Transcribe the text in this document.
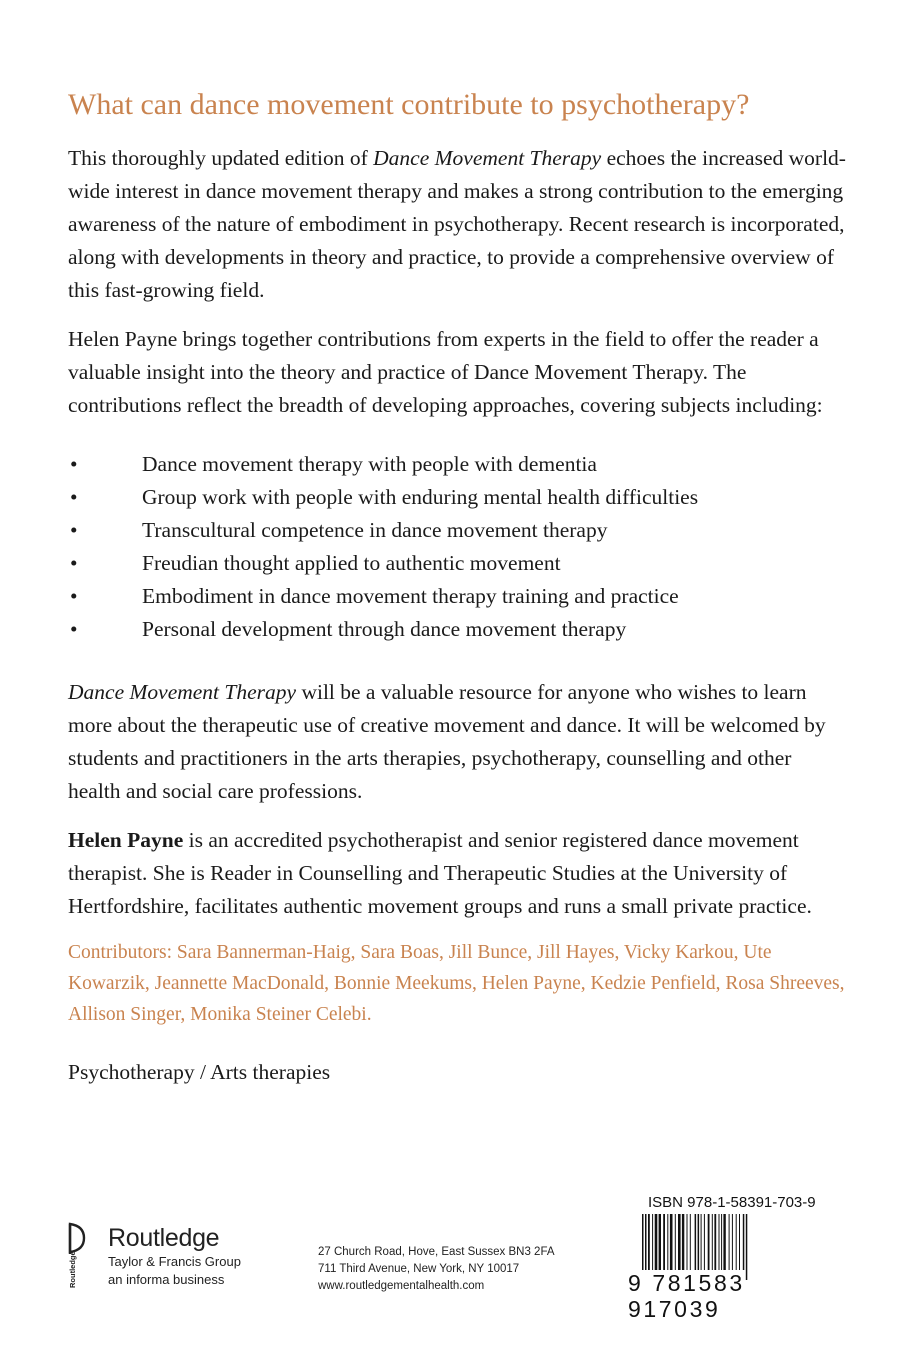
What can dance movement contribute to psychotherapy?

This thoroughly updated edition of Dance Movement Therapy echoes the increased world-wide interest in dance movement therapy and makes a strong contribution to the emerging awareness of the nature of embodiment in psychotherapy. Recent research is incorporated, along with developments in theory and practice, to provide a comprehensive overview of this fast-growing field.

Helen Payne brings together contributions from experts in the field to offer the reader a valuable insight into the theory and practice of Dance Movement Therapy. The contributions reflect the breadth of developing approaches, covering subjects including:

•	Dance movement therapy with people with dementia
•	Group work with people with enduring mental health difficulties
•	Transcultural competence in dance movement therapy
•	Freudian thought applied to authentic movement
•	Embodiment in dance movement therapy training and practice
•	Personal development through dance movement therapy

Dance Movement Therapy will be a valuable resource for anyone who wishes to learn more about the therapeutic use of creative movement and dance. It will be welcomed by students and practitioners in the arts therapies, psychotherapy, counselling and other health and social care professions.

Helen Payne is an accredited psychotherapist and senior registered dance movement therapist. She is Reader in Counselling and Therapeutic Studies at the University of Hertfordshire, facilitates authentic movement groups and runs a small private practice.

Contributors: Sara Bannerman-Haig, Sara Boas, Jill Bunce, Jill Hayes, Vicky Karkou, Ute Kowarzik, Jeannette MacDonald, Bonnie Meekums, Helen Payne, Kedzie Penfield, Rosa Shreeves, Allison Singer, Monika Steiner Celebi.

Psychotherapy / Arts therapies

Routledge
Routledge
Taylor & Francis Group
an informa business
27 Church Road, Hove, East Sussex BN3 2FA
711 Third Avenue, New York, NY 10017
www.routledgementalhealth.com
ISBN 978-1-58391-703-9
9 781583 917039
